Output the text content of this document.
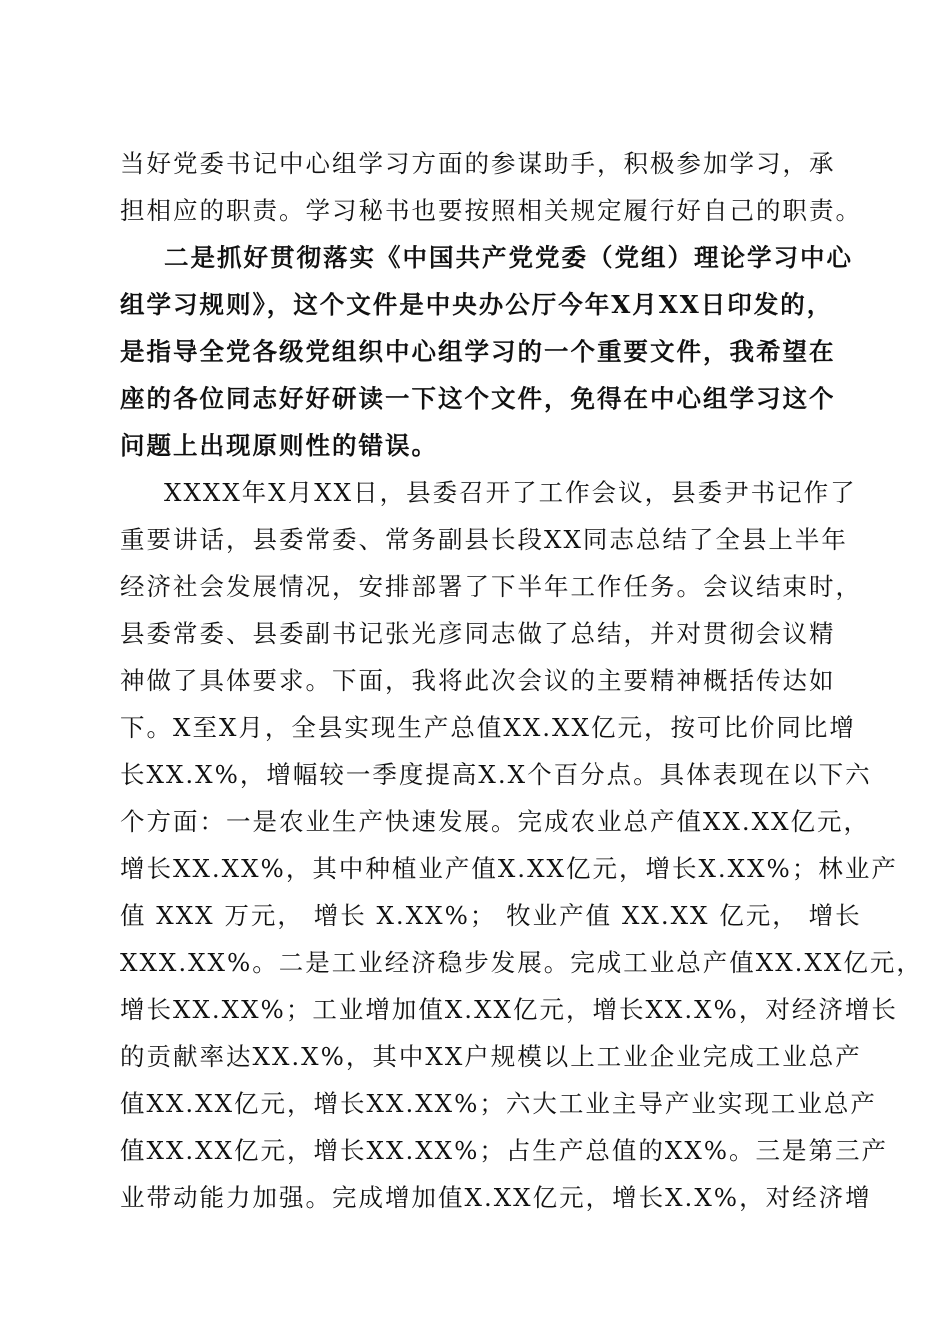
当好党委书记中心组学习方面的参谋助手，积极参加学习，承
担相应的职责。学习秘书也要按照相关规定履行好自己的职责。
二是抓好贯彻落实《中国共产党党委（党组）理论学习中心
组学习规则》，这个文件是中央办公厅今年X月XX日印发的，
是指导全党各级党组织中心组学习的一个重要文件，我希望在
座的各位同志好好研读一下这个文件，免得在中心组学习这个
问题上出现原则性的错误。
XXXX年X月XX日，县委召开了工作会议，县委尹书记作了
重要讲话，县委常委、常务副县长段XX同志总结了全县上半年
经济社会发展情况，安排部署了下半年工作任务。会议结束时，
县委常委、县委副书记张光彦同志做了总结，并对贯彻会议精
神做了具体要求。下面，我将此次会议的主要精神概括传达如
下。X至X月，全县实现生产总值XX.XX亿元，按可比价同比增
长XX.X%，增幅较一季度提高X.X个百分点。具体表现在以下六
个方面：一是农业生产快速发展。完成农业总产值XX.XX亿元，
增长XX.XX%，其中种植业产值X.XX亿元，增长X.XX%；林业产
值 XXX 万元， 增长 X.XX%； 牧业产值 XX.XX 亿元， 增长
XXX.XX%。二是工业经济稳步发展。完成工业总产值XX.XX亿元，
增长XX.XX%；工业增加值X.XX亿元，增长XX.X%，对经济增长
的贡献率达XX.X%，其中XX户规模以上工业企业完成工业总产
值XX.XX亿元，增长XX.XX%；六大工业主导产业实现工业总产
值XX.XX亿元，增长XX.XX%；占生产总值的XX%。三是第三产
业带动能力加强。完成增加值X.XX亿元，增长X.X%，对经济增
